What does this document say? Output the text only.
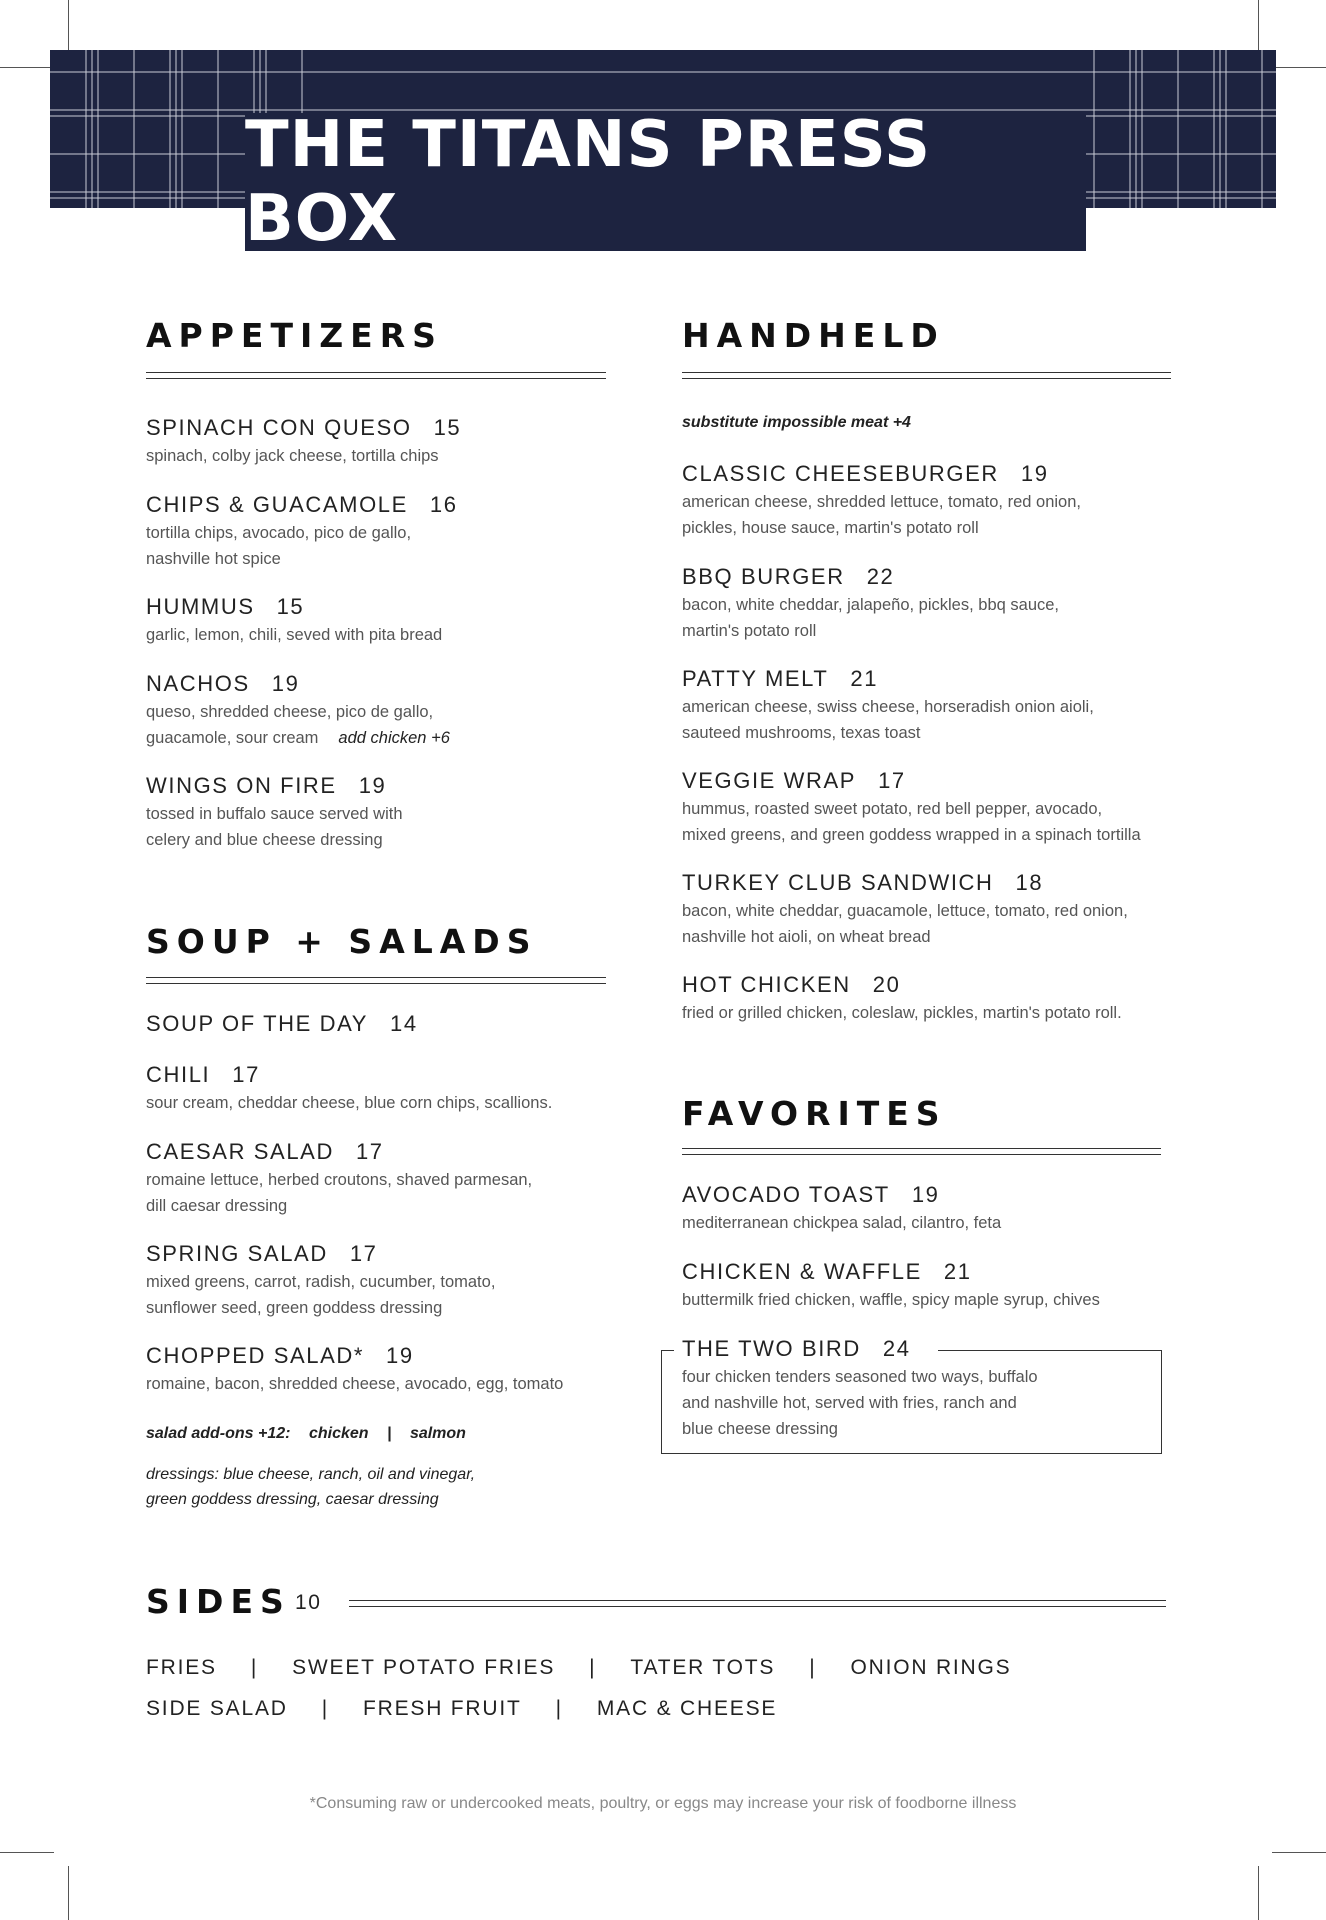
THE TITANS PRESS BOX
APPETIZERS
SPINACH CON QUESO 15
spinach, colby jack cheese, tortilla chips
CHIPS & GUACAMOLE 16
tortilla chips, avocado, pico de gallo,
nashville hot spice
HUMMUS 15
garlic, lemon, chili, seved with pita bread
NACHOS 19
queso, shredded cheese, pico de gallo,
guacamole, sour cream add chicken +6
WINGS ON FIRE 19
tossed in buffalo sauce served with
celery and blue cheese dressing
SOUP + SALADS
SOUP OF THE DAY 14
CHILI 17
sour cream, cheddar cheese, blue corn chips, scallions.
CAESAR SALAD 17
romaine lettuce, herbed croutons, shaved parmesan,
dill caesar dressing
SPRING SALAD 17
mixed greens, carrot, radish, cucumber, tomato,
sunflower seed, green goddess dressing
CHOPPED SALAD* 19
romaine, bacon, shredded cheese, avocado, egg, tomato
salad add-ons +12: chicken | salmon
dressings: blue cheese, ranch, oil and vinegar,
green goddess dressing, caesar dressing
HANDHELD
substitute impossible meat +4
CLASSIC CHEESEBURGER 19
american cheese, shredded lettuce, tomato, red onion,
pickles, house sauce, martin's potato roll
BBQ BURGER 22
bacon, white cheddar, jalapeño, pickles, bbq sauce,
martin's potato roll
PATTY MELT 21
american cheese, swiss cheese, horseradish onion aioli,
sauteed mushrooms, texas toast
VEGGIE WRAP 17
hummus, roasted sweet potato, red bell pepper, avocado,
mixed greens, and green goddess wrapped in a spinach tortilla
TURKEY CLUB SANDWICH 18
bacon, white cheddar, guacamole, lettuce, tomato, red onion,
nashville hot aioli, on wheat bread
HOT CHICKEN 20
fried or grilled chicken, coleslaw, pickles, martin's potato roll.
FAVORITES
AVOCADO TOAST 19
mediterranean chickpea salad, cilantro, feta
CHICKEN & WAFFLE 21
buttermilk fried chicken, waffle, spicy maple syrup, chives
THE TWO BIRD 24
four chicken tenders seasoned two ways, buffalo
and nashville hot, served with fries, ranch and
blue cheese dressing
SIDES 10
FRIES | SWEET POTATO FRIES | TATER TOTS | ONION RINGS
SIDE SALAD | FRESH FRUIT | MAC & CHEESE
*Consuming raw or undercooked meats, poultry, or eggs may increase your risk of foodborne illness
